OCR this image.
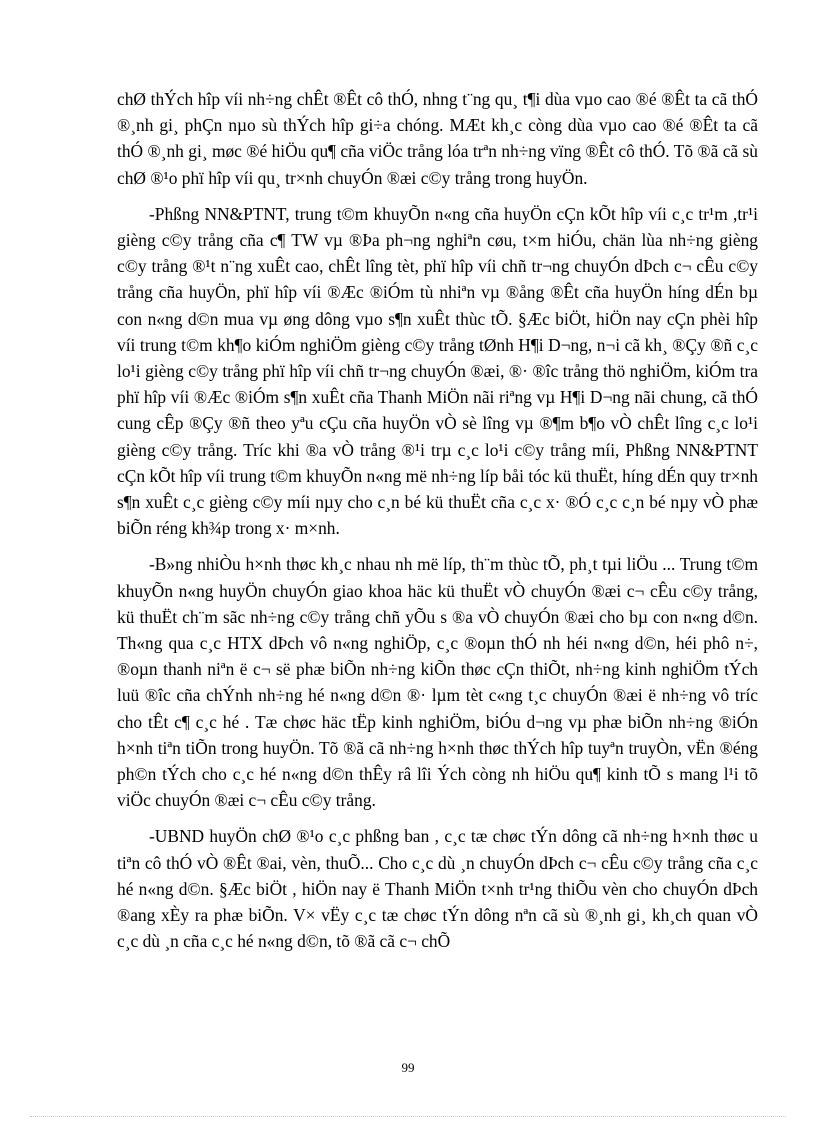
chØ thÝch hîp víi nh÷ng chÊt ®Êt cô thÓ, nhng t¨ng qu¸ t¶i dùa vµo cao ®é ®Êt ta cã thÓ ®¸nh gi¸ phÇn nµo sù thÝch hîp gi÷a chóng. MÆt kh¸c còng dùa vµo cao ®é ®Êt ta cã thÓ ®¸nh gi¸ møc ®é hiÖu qu¶ cña viÖc trång lóa trªn nh÷ng vïng ®Êt cô thÓ. Tõ ®ã cã sù chØ ®¹o phï hîp víi qu¸ tr×nh chuyÓn ®æi c©y trång trong huyÖn.

-Phßng NN&PTNT, trung t©m khuyÕn n«ng cña huyÖn cÇn kÕt hîp víi c¸c tr¹m ,tr¹i gièng c©y trång cña c¶ TW vµ ®Þa ph¬ng nghiªn cøu, t×m hiÓu, chän lùa nh÷ng gièng c©y trång ®¹t n¨ng xuÊt cao, chÊt lîng tèt, phï hîp víi chñ tr¬ng chuyÓn dÞch c¬ cÊu c©y trång cña huyÖn, phï hîp víi ®Æc ®iÓm tù nhiªn vµ ®ång ®Êt cña huyÖn híng dÉn bµ con n«ng d©n mua vµ øng dông vµo s¶n xuÊt thùc tÕ. §Æc biÖt, hiÖn nay cÇn phèi hîp víi trung t©m kh¶o kiÓm nghiÖm gièng c©y trång tØnh H¶i D¬ng, n¬i cã kh¸ ®Çy ®ñ c¸c lo¹i gièng c©y trång phï hîp víi chñ tr¬ng chuyÓn ®æi, ®· ®îc trång thö nghiÖm, kiÓm tra phï hîp víi ®Æc ®iÓm s¶n xuÊt cña Thanh MiÖn nãi riªng vµ H¶i D¬ng nãi chung, cã thÓ cung cÊp ®Çy ®ñ theo yªu cÇu cña huyÖn vÒ sè lîng vµ ®¶m b¶o vÒ chÊt lîng c¸c lo¹i gièng c©y trång. Tríc khi ®a vÒ trång ®¹i trµ c¸c lo¹i c©y trång míi, Phßng NN&PTNT cÇn kÕt hîp víi trung t©m khuyÕn n«ng më nh÷ng líp båi tóc kü thuËt, híng dÉn quy tr×nh s¶n xuÊt c¸c gièng c©y míi nµy cho c¸n bé kü thuËt cña c¸c x· ®Ó c¸c c¸n bé nµy vÒ phæ biÕn réng kh¾p trong x· m×nh.

-B»ng nhiÒu h×nh thøc kh¸c nhau nh më líp, th¨m thùc tÕ, ph¸t tµi liÖu ... Trung t©m khuyÕn n«ng huyÖn chuyÓn giao khoa häc kü thuËt vÒ chuyÓn ®æi c¬ cÊu c©y trång, kü thuËt ch¨m sãc nh÷ng c©y trång chñ yÕu s ®a vÒ chuyÓn ®æi cho bµ con n«ng d©n. Th«ng qua c¸c HTX dÞch vô n«ng nghiÖp, c¸c ®oµn thÓ nh héi n«ng d©n, héi phô n÷, ®oµn thanh niªn ë c¬ së phæ biÕn nh÷ng kiÕn thøc cÇn thiÕt, nh÷ng kinh nghiÖm tÝch luü ®îc cña chÝnh nh÷ng hé n«ng d©n ®· lµm tèt c«ng t¸c chuyÓn ®æi ë nh÷ng vô tríc cho tÊt c¶ c¸c hé . Tæ chøc häc tËp kinh nghiÖm, biÓu d¬ng vµ phæ biÕn nh÷ng ®iÓn h×nh tiªn tiÕn trong huyÖn. Tõ ®ã cã nh÷ng h×nh thøc thÝch hîp tuyªn truyÒn, vËn ®éng ph©n tÝch cho c¸c hé n«ng d©n thÊy râ lîi Ých còng nh hiÖu qu¶ kinh tÕ s mang l¹i tõ viÖc chuyÓn ®æi c¬ cÊu c©y trång.

-UBND huyÖn chØ ®¹o c¸c phßng ban , c¸c tæ chøc tÝn dông cã nh÷ng h×nh thøc u tiªn cô thÓ vÒ ®Êt ®ai, vèn, thuÕ... Cho c¸c dù ¸n chuyÓn dÞch c¬ cÊu c©y trång cña c¸c hé n«ng d©n. §Æc biÖt , hiÖn nay ë Thanh MiÖn t×nh tr¹ng thiÕu vèn cho chuyÓn dÞch ®ang xÈy ra phæ biÕn. V× vËy c¸c tæ chøc tÝn dông nªn cã sù ®¸nh gi¸ kh¸ch quan vÒ c¸c dù ¸n cña c¸c hé n«ng d©n, tõ ®ã cã c¬ chÕ

99
